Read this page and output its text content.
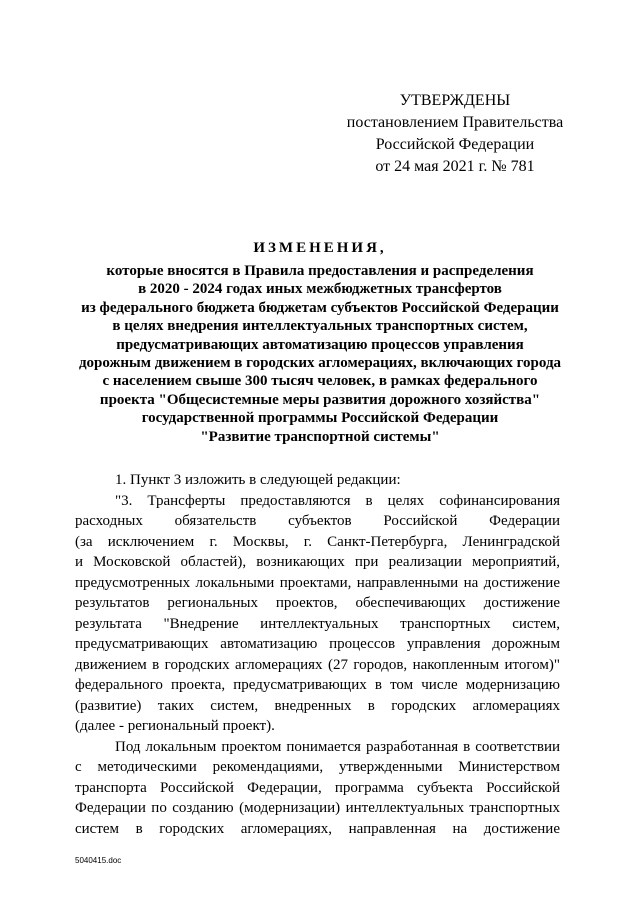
УТВЕРЖДЕНЫ
постановлением Правительства
Российской Федерации
от 24 мая 2021 г. № 781
ИЗМЕНЕНИЯ,
которые вносятся в Правила предоставления и распределения
в 2020 - 2024 годах иных межбюджетных трансфертов
из федерального бюджета бюджетам субъектов Российской Федерации
в целях внедрения интеллектуальных транспортных систем,
предусматривающих автоматизацию процессов управления
дорожным движением в городских агломерациях, включающих города
с населением свыше 300 тысяч человек, в рамках федерального
проекта "Общесистемные меры развития дорожного хозяйства"
государственной программы Российской Федерации
"Развитие транспортной системы"
1. Пункт 3 изложить в следующей редакции:
"3. Трансферты предоставляются в целях софинансирования
расходных обязательств субъектов Российской Федерации
(за исключением г. Москвы, г. Санкт-Петербурга, Ленинградской
и Московской областей), возникающих при реализации мероприятий,
предусмотренных локальными проектами, направленными на достижение
результатов региональных проектов, обеспечивающих достижение
результата "Внедрение интеллектуальных транспортных систем,
предусматривающих автоматизацию процессов управления дорожным
движением в городских агломерациях (27 городов, накопленным итогом)"
федерального проекта, предусматривающих в том числе модернизацию
(развитие) таких систем, внедренных в городских агломерациях
(далее - региональный проект).
Под локальным проектом понимается разработанная в соответствии
с методическими рекомендациями, утвержденными Министерством
транспорта Российской Федерации, программа субъекта Российской
Федерации по созданию (модернизации) интеллектуальных транспортных
систем в городских агломерациях, направленная на достижение
5040415.doc
